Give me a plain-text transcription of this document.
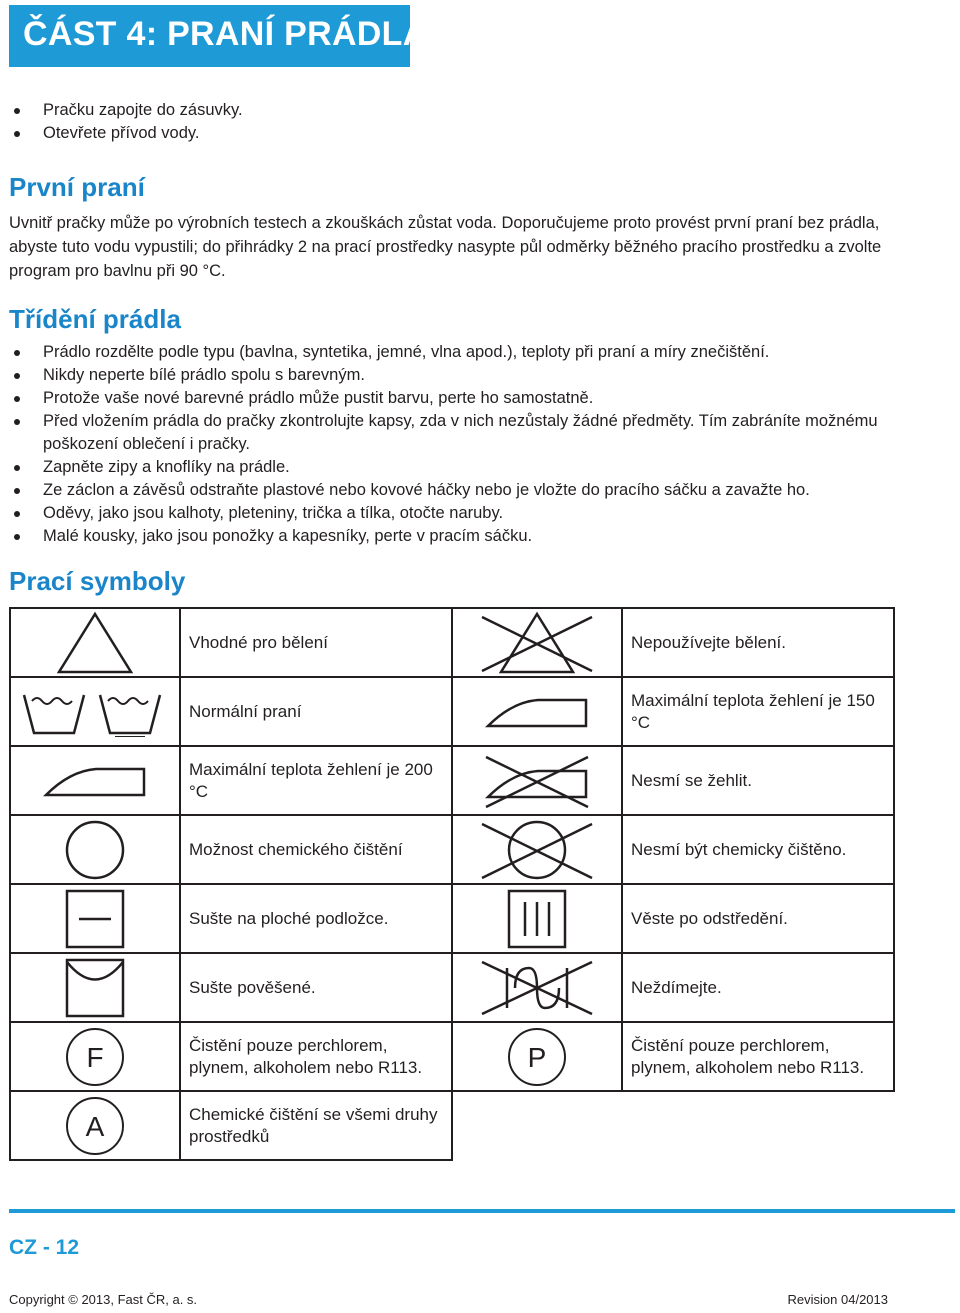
ČÁST 4: PRANÍ PRÁDLA
Pračku zapojte do zásuvky.
Otevřete přívod vody.
První praní
Uvnitř pračky může po výrobních testech a zkouškách zůstat voda. Doporučujeme proto provést první praní bez prádla, abyste tuto vodu vypustili; do přihrádky 2 na prací prostředky nasypte půl odměrky běžného pracího prostředku a zvolte program pro bavlnu při 90 °C.
Třídění prádla
Prádlo rozdělte podle typu (bavlna, syntetika, jemné, vlna apod.), teploty při praní a míry znečištění.
Nikdy neperte bílé prádlo spolu s barevným.
Protože vaše nové barevné prádlo může pustit barvu, perte ho samostatně.
Před vložením prádla do pračky zkontrolujte kapsy, zda v nich nezůstaly žádné předměty. Tím zabráníte možnému poškození oblečení i pračky.
Zapněte zipy a knoflíky na prádle.
Ze záclon a závěsů odstraňte plastové nebo kovové háčky nebo je vložte do pracího sáčku a zavažte ho.
Oděvy, jako jsou kalhoty, pleteniny, trička a tílka, otočte naruby.
Malé kousky, jako jsou ponožky a kapesníky, perte v pracím sáčku.
Prací symboly
	Vhodné pro bělení		Nepoužívejte bělení.

	Normální praní		Maximální teplota žehlení je 150 °C

	Maximální teplota žehlení je 200 °C		Nesmí se žehlit.

	Možnost chemického čištění		Nesmí být chemicky čištěno.

	Sušte na ploché podložce.		Věste po odstředění.

	Sušte pověšené.		Neždímejte.

F	Čistění pouze perchlorem, plynem, alkoholem nebo R113.	P	Čistění pouze perchlorem, plynem, alkoholem nebo R113.

A	Chemické čištění se všemi druhy prostředků		
CZ - 12
Copyright © 2013, Fast ČR, a. s.	Revision 04/2013
